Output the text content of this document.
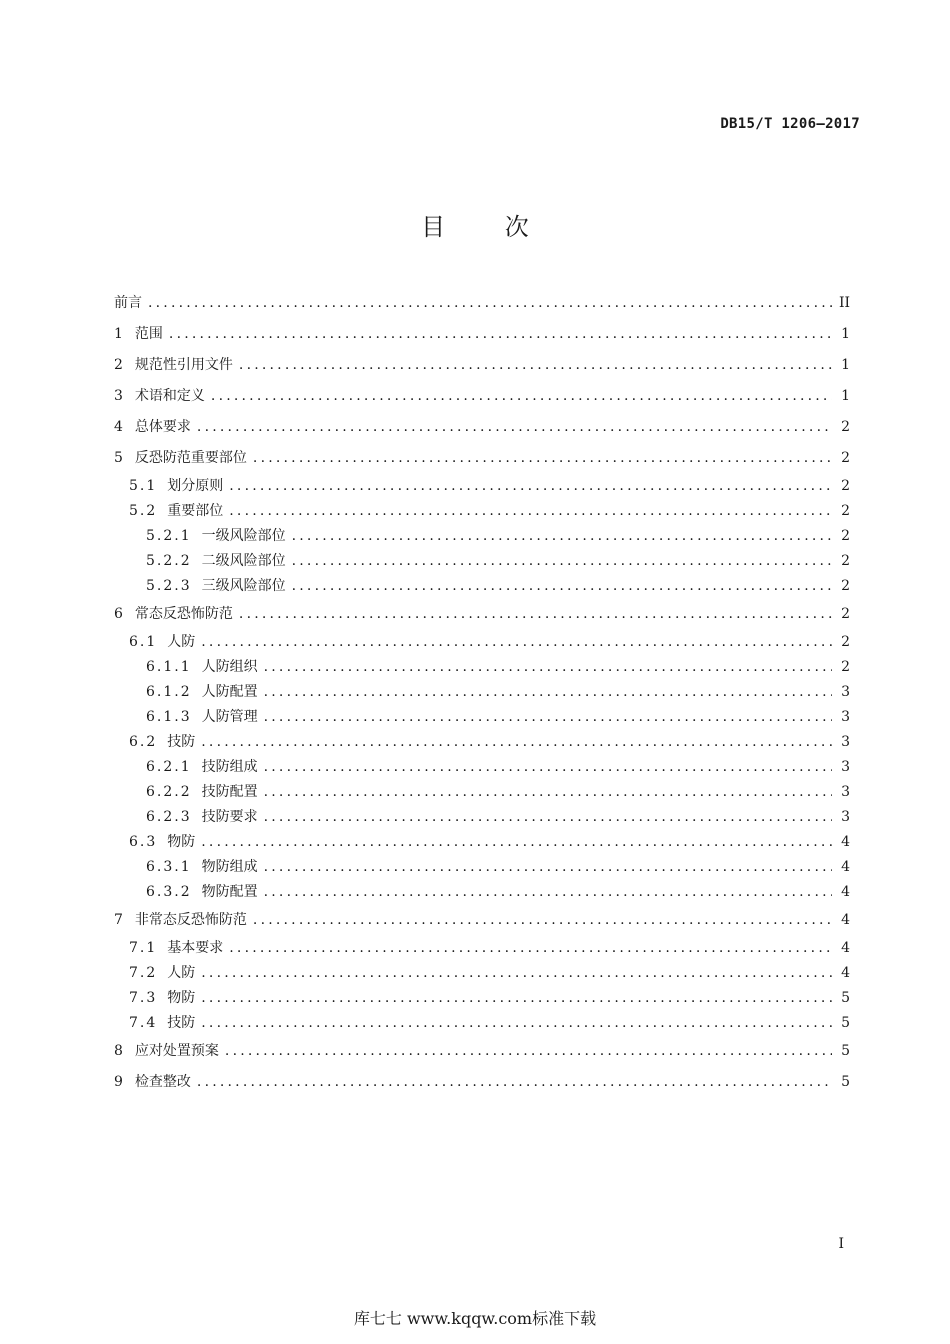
DB15/T 1206—2017
目 次
前言 .....	II
1 范围 .....	1
2 规范性引用文件 .....	1
3 术语和定义 .....	1
4 总体要求 .....	2
5 反恐防范重要部位 .....	2
5.1 划分原则 .....	2
5.2 重要部位 .....	2
5.2.1 一级风险部位 .....	2
5.2.2 二级风险部位 .....	2
5.2.3 三级风险部位 .....	2
6 常态反恐怖防范 .....	2
6.1 人防 .....	2
6.1.1 人防组织 .....	2
6.1.2 人防配置 .....	3
6.1.3 人防管理 .....	3
6.2 技防 .....	3
6.2.1 技防组成 .....	3
6.2.2 技防配置 .....	3
6.2.3 技防要求 .....	3
6.3 物防 .....	4
6.3.1 物防组成 .....	4
6.3.2 物防配置 .....	4
7 非常态反恐怖防范 .....	4
7.1 基本要求 .....	4
7.2 人防 .....	4
7.3 物防 .....	5
7.4 技防 .....	5
8 应对处置预案 .....	5
9 检查整改 .....	5
I
库七七 www.kqqw.com标准下载
